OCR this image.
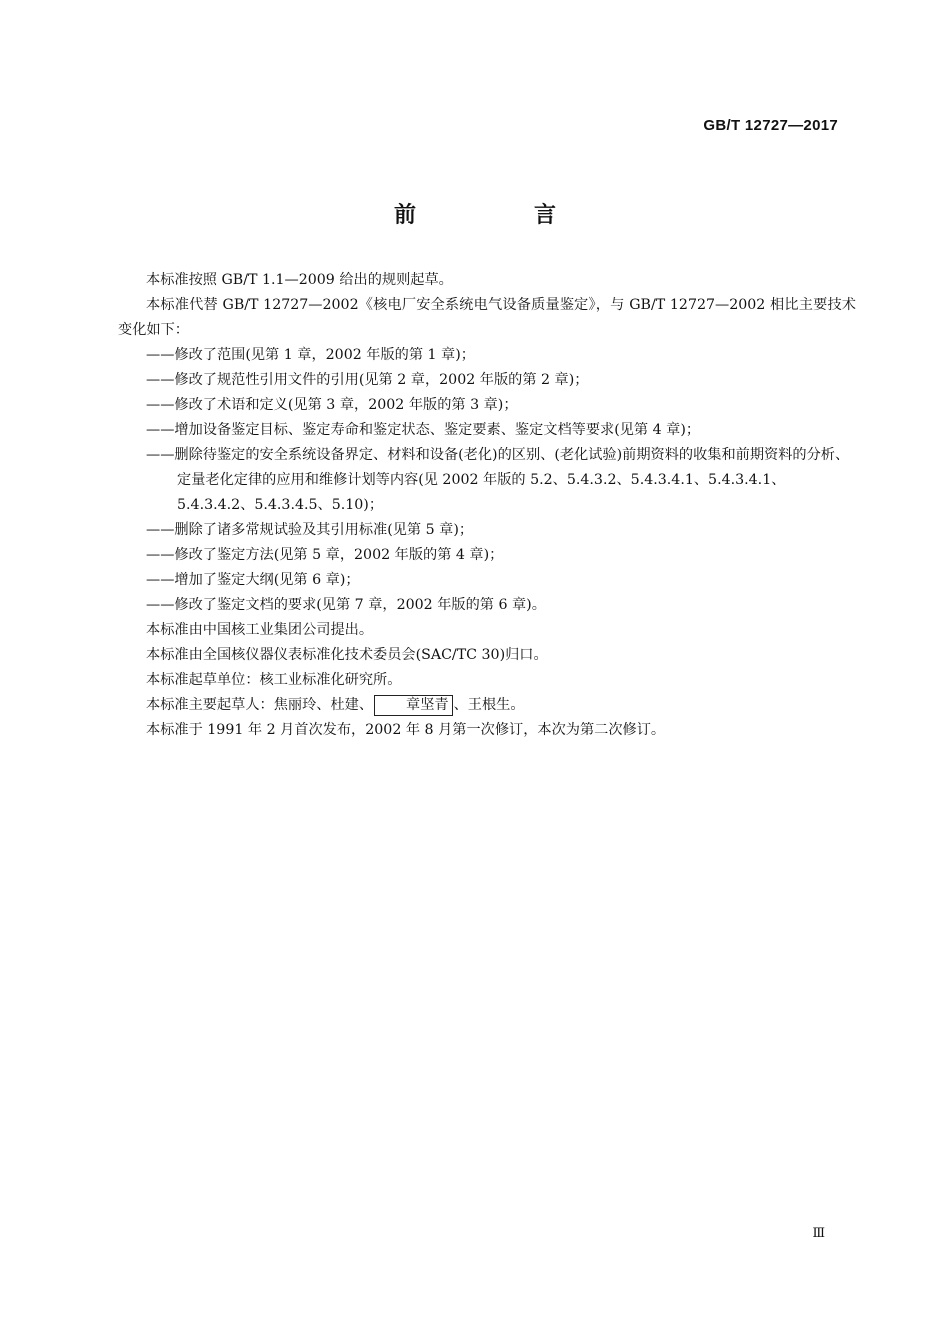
GB/T 12727—2017
前　言

本标准按照 GB/T 1.1—2009 给出的规则起草。

本标准代替 GB/T 12727—2002《核电厂安全系统电气设备质量鉴定》，与 GB/T 12727—2002 相比主要技术变化如下：

——修改了范围(见第 1 章，2002 年版的第 1 章)；

——修改了规范性引用文件的引用(见第 2 章，2002 年版的第 2 章)；

——修改了术语和定义(见第 3 章，2002 年版的第 3 章)；

——增加设备鉴定目标、鉴定寿命和鉴定状态、鉴定要素、鉴定文档等要求(见第 4 章)；

——删除待鉴定的安全系统设备界定、材料和设备(老化)的区别、(老化试验)前期资料的收集和前期资料的分析、定量老化定律的应用和维修计划等内容(见 2002 年版的 5.2、5.4.3.2、5.4.3.4.1、5.4.3.4.1、5.4.3.4.2、5.4.3.4.5、5.10)；

——删除了诸多常规试验及其引用标准(见第 5 章)；

——修改了鉴定方法(见第 5 章，2002 年版的第 4 章)；

——增加了鉴定大纲(见第 6 章)；

——修改了鉴定文档的要求(见第 7 章，2002 年版的第 6 章)。

本标准由中国核工业集团公司提出。

本标准由全国核仪器仪表标准化技术委员会(SAC/TC 30)归口。

本标准起草单位：核工业标准化研究所。

本标准主要起草人：焦丽玲、杜建、 章坚青 、王根生。

本标准于 1991 年 2 月首次发布，2002 年 8 月第一次修订，本次为第二次修订。

Ⅲ
